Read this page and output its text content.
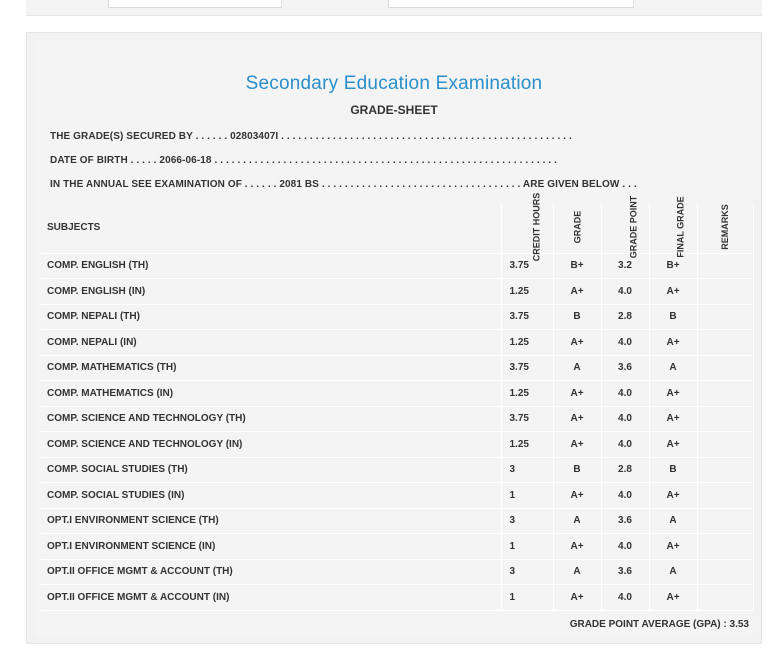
Secondary Education Examination
GRADE-SHEET
THE GRADE(S) SECURED BY . . . . . . 02803407I . . . . . . . . . . . . . . . . . . . . . . . . . . . . . . . . . . . . . . . . . . . . . . . . . . .
DATE OF BIRTH . . . . . 2066-06-18 . . . . . . . . . . . . . . . . . . . . . . . . . . . . . . . . . . . . . . . . . . . . . . . . . . . . . . . . . . . .
IN THE ANNUAL SEE EXAMINATION OF . . . . . . 2081 BS . . . . . . . . . . . . . . . . . . . . . . . . . . . . . . . . . . . ARE GIVEN BELOW . . .
SUBJECTS	CREDIT HOURS	GRADE	GRADE POINT	FINAL GRADE	REMARKS
COMP. ENGLISH (TH)	3.75	B+	3.2	B+	
COMP. ENGLISH (IN)	1.25	A+	4.0	A+	
COMP. NEPALI (TH)	3.75	B	2.8	B	
COMP. NEPALI (IN)	1.25	A+	4.0	A+	
COMP. MATHEMATICS (TH)	3.75	A	3.6	A	
COMP. MATHEMATICS (IN)	1.25	A+	4.0	A+	
COMP. SCIENCE AND TECHNOLOGY (TH)	3.75	A+	4.0	A+	
COMP. SCIENCE AND TECHNOLOGY (IN)	1.25	A+	4.0	A+	
COMP. SOCIAL STUDIES (TH)	3	B	2.8	B	
COMP. SOCIAL STUDIES (IN)	1	A+	4.0	A+	
OPT.I ENVIRONMENT SCIENCE (TH)	3	A	3.6	A	
OPT.I ENVIRONMENT SCIENCE (IN)	1	A+	4.0	A+	
OPT.II OFFICE MGMT & ACCOUNT (TH)	3	A	3.6	A	
OPT.II OFFICE MGMT & ACCOUNT (IN)	1	A+	4.0	A+	
GRADE POINT AVERAGE (GPA) : 3.53
